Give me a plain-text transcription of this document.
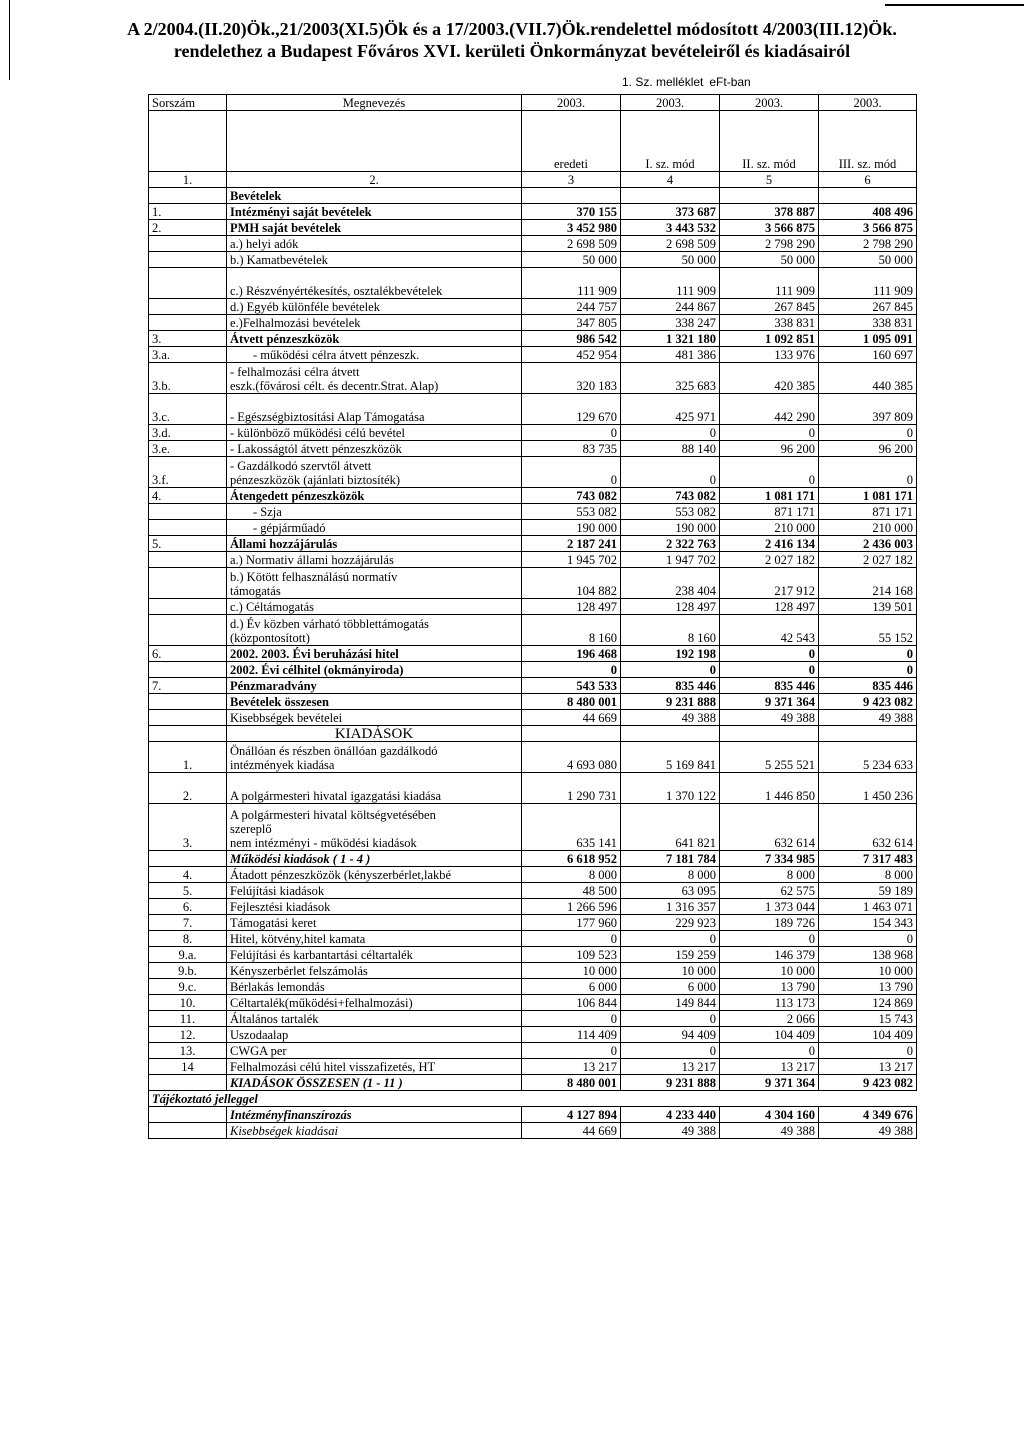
A 2/2004.(II.20)Ök.,21/2003(XI.5)Ök és a 17/2003.(VII.7)Ök.rendelettel módosított 4/2003(III.12)Ök.
rendelethez a Budapest Főváros XVI. kerületi Önkormányzat bevételeiről és kiadásairól
1. Sz. melléklet eFt-ban
Sorszám	Megnevezés	2003.	2003.	2003.	2003.
		eredeti	I. sz. mód	II. sz. mód	III. sz. mód
1.	2.	3	4	5	6

	Bevételek				

1.	Intézményi saját bevételek	370 155	373 687	378 887	408 496
2.	PMH saját bevételek	3 452 980	3 443 532	3 566 875	3 566 875

	a.) helyi adók	2 698 509	2 698 509	2 798 290	2 798 290

	b.) Kamatbevételek	50 000	50 000	50 000	50 000

	c.) Részvényértékesítés, osztalékbevételek	111 909	111 909	111 909	111 909

	d.) Egyéb különféle bevételek	244 757	244 867	267 845	267 845

	e.)Felhalmozási bevételek	347 805	338 247	338 831	338 831
3.	Átvett pénzeszközök	986 542	1 321 180	1 092 851	1 095 091
3.a.	- működési célra átvett pénzeszk.	452 954	481 386	133 976	160 697
3.b.	- felhalmozási célra átvett
eszk.(fővárosi célt. és decentr.Strat. Alap)	320 183	325 683	420 385	440 385
3.c.	- Egészségbiztositási Alap Támogatása	129 670	425 971	442 290	397 809
3.d.	- különböző működési célú bevétel	0	0	0	0
3.e.	- Lakosságtól átvett pénzeszközök	83 735	88 140	96 200	96 200
3.f.	- Gazdálkodó szervtől átvett
pénzeszközök (ajánlati biztosíték)	0	0	0	0
4.	Átengedett pénzeszközök	743 082	743 082	1 081 171	1 081 171

	- Szja	553 082	553 082	871 171	871 171

	- gépjárműadó	190 000	190 000	210 000	210 000
5.	Állami hozzájárulás	2 187 241	2 322 763	2 416 134	2 436 003

	a.) Normativ állami hozzájárulás	1 945 702	1 947 702	2 027 182	2 027 182

	b.) Kötött felhasználású normatív
támogatás	104 882	238 404	217 912	214 168

	c.) Céltámogatás	128 497	128 497	128 497	139 501

	d.) Év közben várható többlettámogatás
(központosított)	8 160	8 160	42 543	55 152
6.	2002. 2003. Évi beruházási hitel	196 468	192 198	0	0

	2002. Évi célhitel (okmányiroda)	0	0	0	0
7.	Pénzmaradvány	543 533	835 446	835 446	835 446

	Bevételek összesen	8 480 001	9 231 888	9 371 364	9 423 082

	Kisebbségek bevételei	44 669	49 388	49 388	49 388
	KIADÁSOK				
1.	Önállóan és részben önállóan gazdálkodó
intézmények kiadása	4 693 080	5 169 841	5 255 521	5 234 633
2.	A polgármesteri hivatal igazgatási kiadása	1 290 731	1 370 122	1 446 850	1 450 236
3.	A polgármesteri hivatal költségvetésében
szereplő
nem intézményi - működési kiadások	635 141	641 821	632 614	632 614

	Működési kiadások ( 1 - 4 )	6 618 952	7 181 784	7 334 985	7 317 483
4.	Átadott pénzeszközök (kényszerbérlet,lakbé	8 000	8 000	8 000	8 000
5.	Felújítási kiadások	48 500	63 095	62 575	59 189
6.	Fejlesztési kiadások	1 266 596	1 316 357	1 373 044	1 463 071
7.	Támogatási keret	177 960	229 923	189 726	154 343
8.	Hitel, kötvény,hitel kamata	0	0	0	0
9.a.	Felújítási és karbantartási céltartalék	109 523	159 259	146 379	138 968
9.b.	Kényszerbérlet felszámolás	10 000	10 000	10 000	10 000
9.c.	Bérlakás lemondás	6 000	6 000	13 790	13 790
10.	Céltartalék(működési+felhalmozási)	106 844	149 844	113 173	124 869
11.	Általános tartalék	0	0	2 066	15 743
12.	Uszodaalap	114 409	94 409	104 409	104 409
13.	CWGA per	0	0	0	0
14	Felhalmozási célú hitel visszafizetés, HT	13 217	13 217	13 217	13 217

	KIADÁSOK ÖSSZESEN (1 - 11 )	8 480 001	9 231 888	9 371 364	9 423 082
Tájékoztató jelleggel					
	Intézményfinanszírozás	4 127 894	4 233 440	4 304 160	4 349 676
	Kisebbségek kiadásai	44 669	49 388	49 388	49 388
